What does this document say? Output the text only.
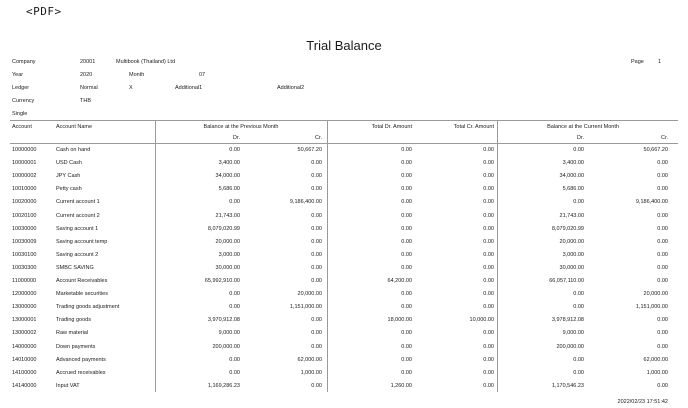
<PDF>
Trial Balance
Company	20001	Multibook (Thailand) Ltd	Page	1
Year	2020	Month	07
Ledger	Normal	X	Additional1	Additional2
Currency	THB
Single
Account	Account Name	Balance at the Previous Month	Total Dr. Amount	Total Cr. Amount	Balance at the Current Month
Dr.	Cr.	Dr.	Cr.
10000000	Cash on hand	0.00	50,667.20	0.00	0.00	0.00	50,667.20
10000001	USD Cash	3,400.00	0.00	0.00	0.00	3,400.00	0.00
10000002	JPY Cash	34,000.00	0.00	0.00	0.00	34,000.00	0.00
10010000	Petty cash	5,686.00	0.00	0.00	0.00	5,686.00	0.00
10020000	Current account 1	0.00	9,186,400.00	0.00	0.00	0.00	9,186,400.00
10020100	Current account 2	21,743.00	0.00	0.00	0.00	21,743.00	0.00
10030000	Saving account 1	8,079,020.99	0.00	0.00	0.00	8,079,020.99	0.00
10030009	Saving account temp	20,000.00	0.00	0.00	0.00	20,000.00	0.00
10030100	Saving account 2	3,000.00	0.00	0.00	0.00	3,000.00	0.00
10030300	SMBC SAVING	30,000.00	0.00	0.00	0.00	30,000.00	0.00
11000000	Account Receivables	65,992,910.00	0.00	64,200.00	0.00	66,057,110.00	0.00
12000000	Marketable securities	0.00	20,000.00	0.00	0.00	0.00	20,000.00
13000000	Trading goods adjustment	0.00	1,151,000.00	0.00	0.00	0.00	1,151,000.00
13000001	Trading goods	3,970,912.08	0.00	18,000.00	10,000.00	3,978,912.08	0.00
13000002	Raw material	9,000.00	0.00	0.00	0.00	9,000.00	0.00
14000000	Down payments	200,000.00	0.00	0.00	0.00	200,000.00	0.00
14010000	Advanced payments	0.00	62,000.00	0.00	0.00	0.00	62,000.00
14100000	Accrued receivables	0.00	1,000.00	0.00	0.00	0.00	1,000.00
14140000	Input VAT	1,169,286.23	0.00	1,260.00	0.00	1,170,546.23	0.00
2022/02/23 17:51:42
